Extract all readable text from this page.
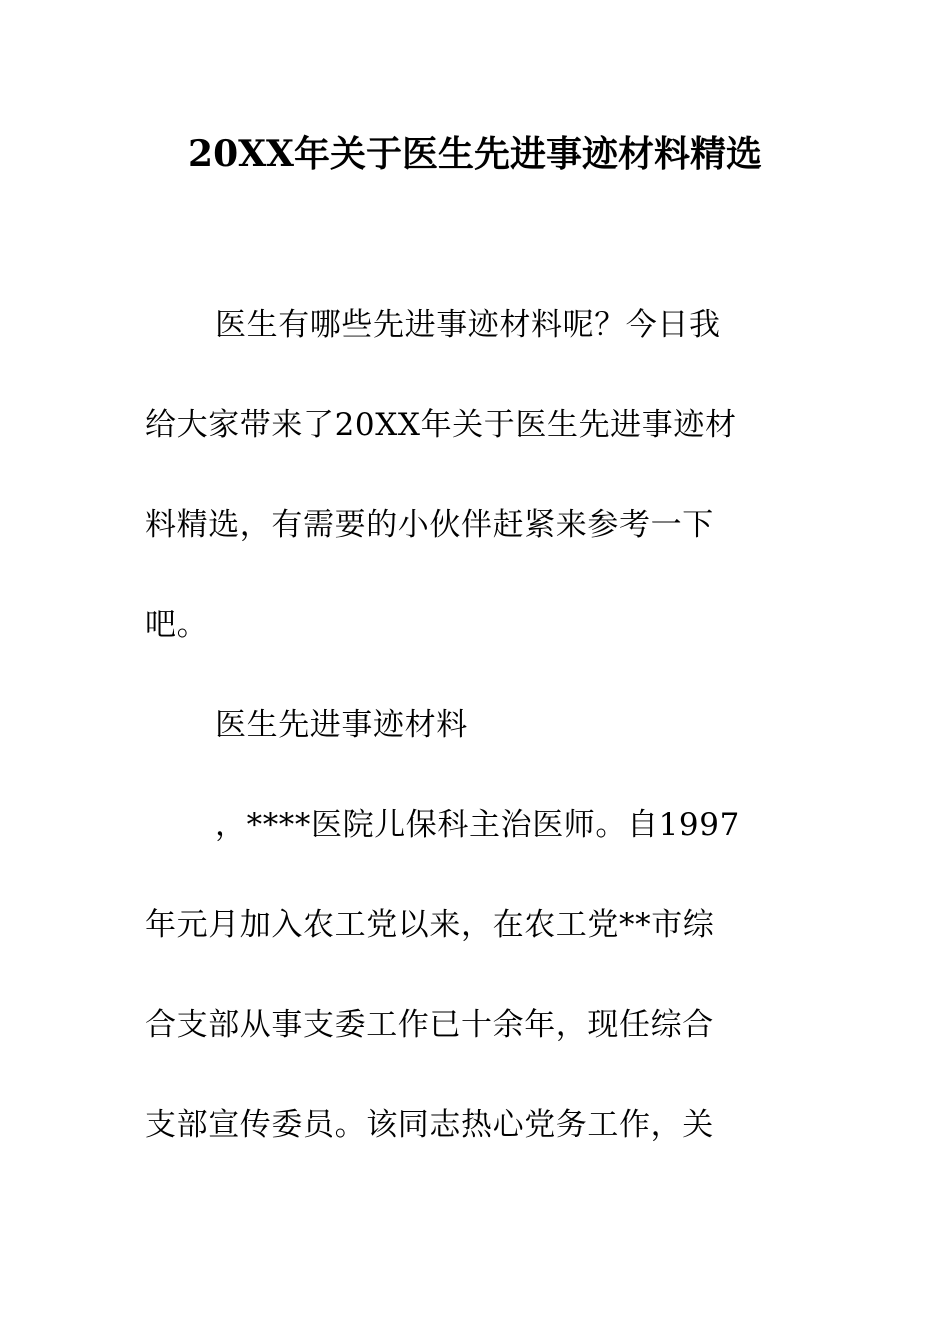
20XX年关于医生先进事迹材料精选
医生有哪些先进事迹材料呢？今日我
给大家带来了20XX年关于医生先进事迹材
料精选，有需要的小伙伴赶紧来参考一下
吧。
医生先进事迹材料
，****医院儿保科主治医师。自1997
年元月加入农工党以来，在农工党**市综
合支部从事支委工作已十余年，现任综合
支部宣传委员。该同志热心党务工作，关
